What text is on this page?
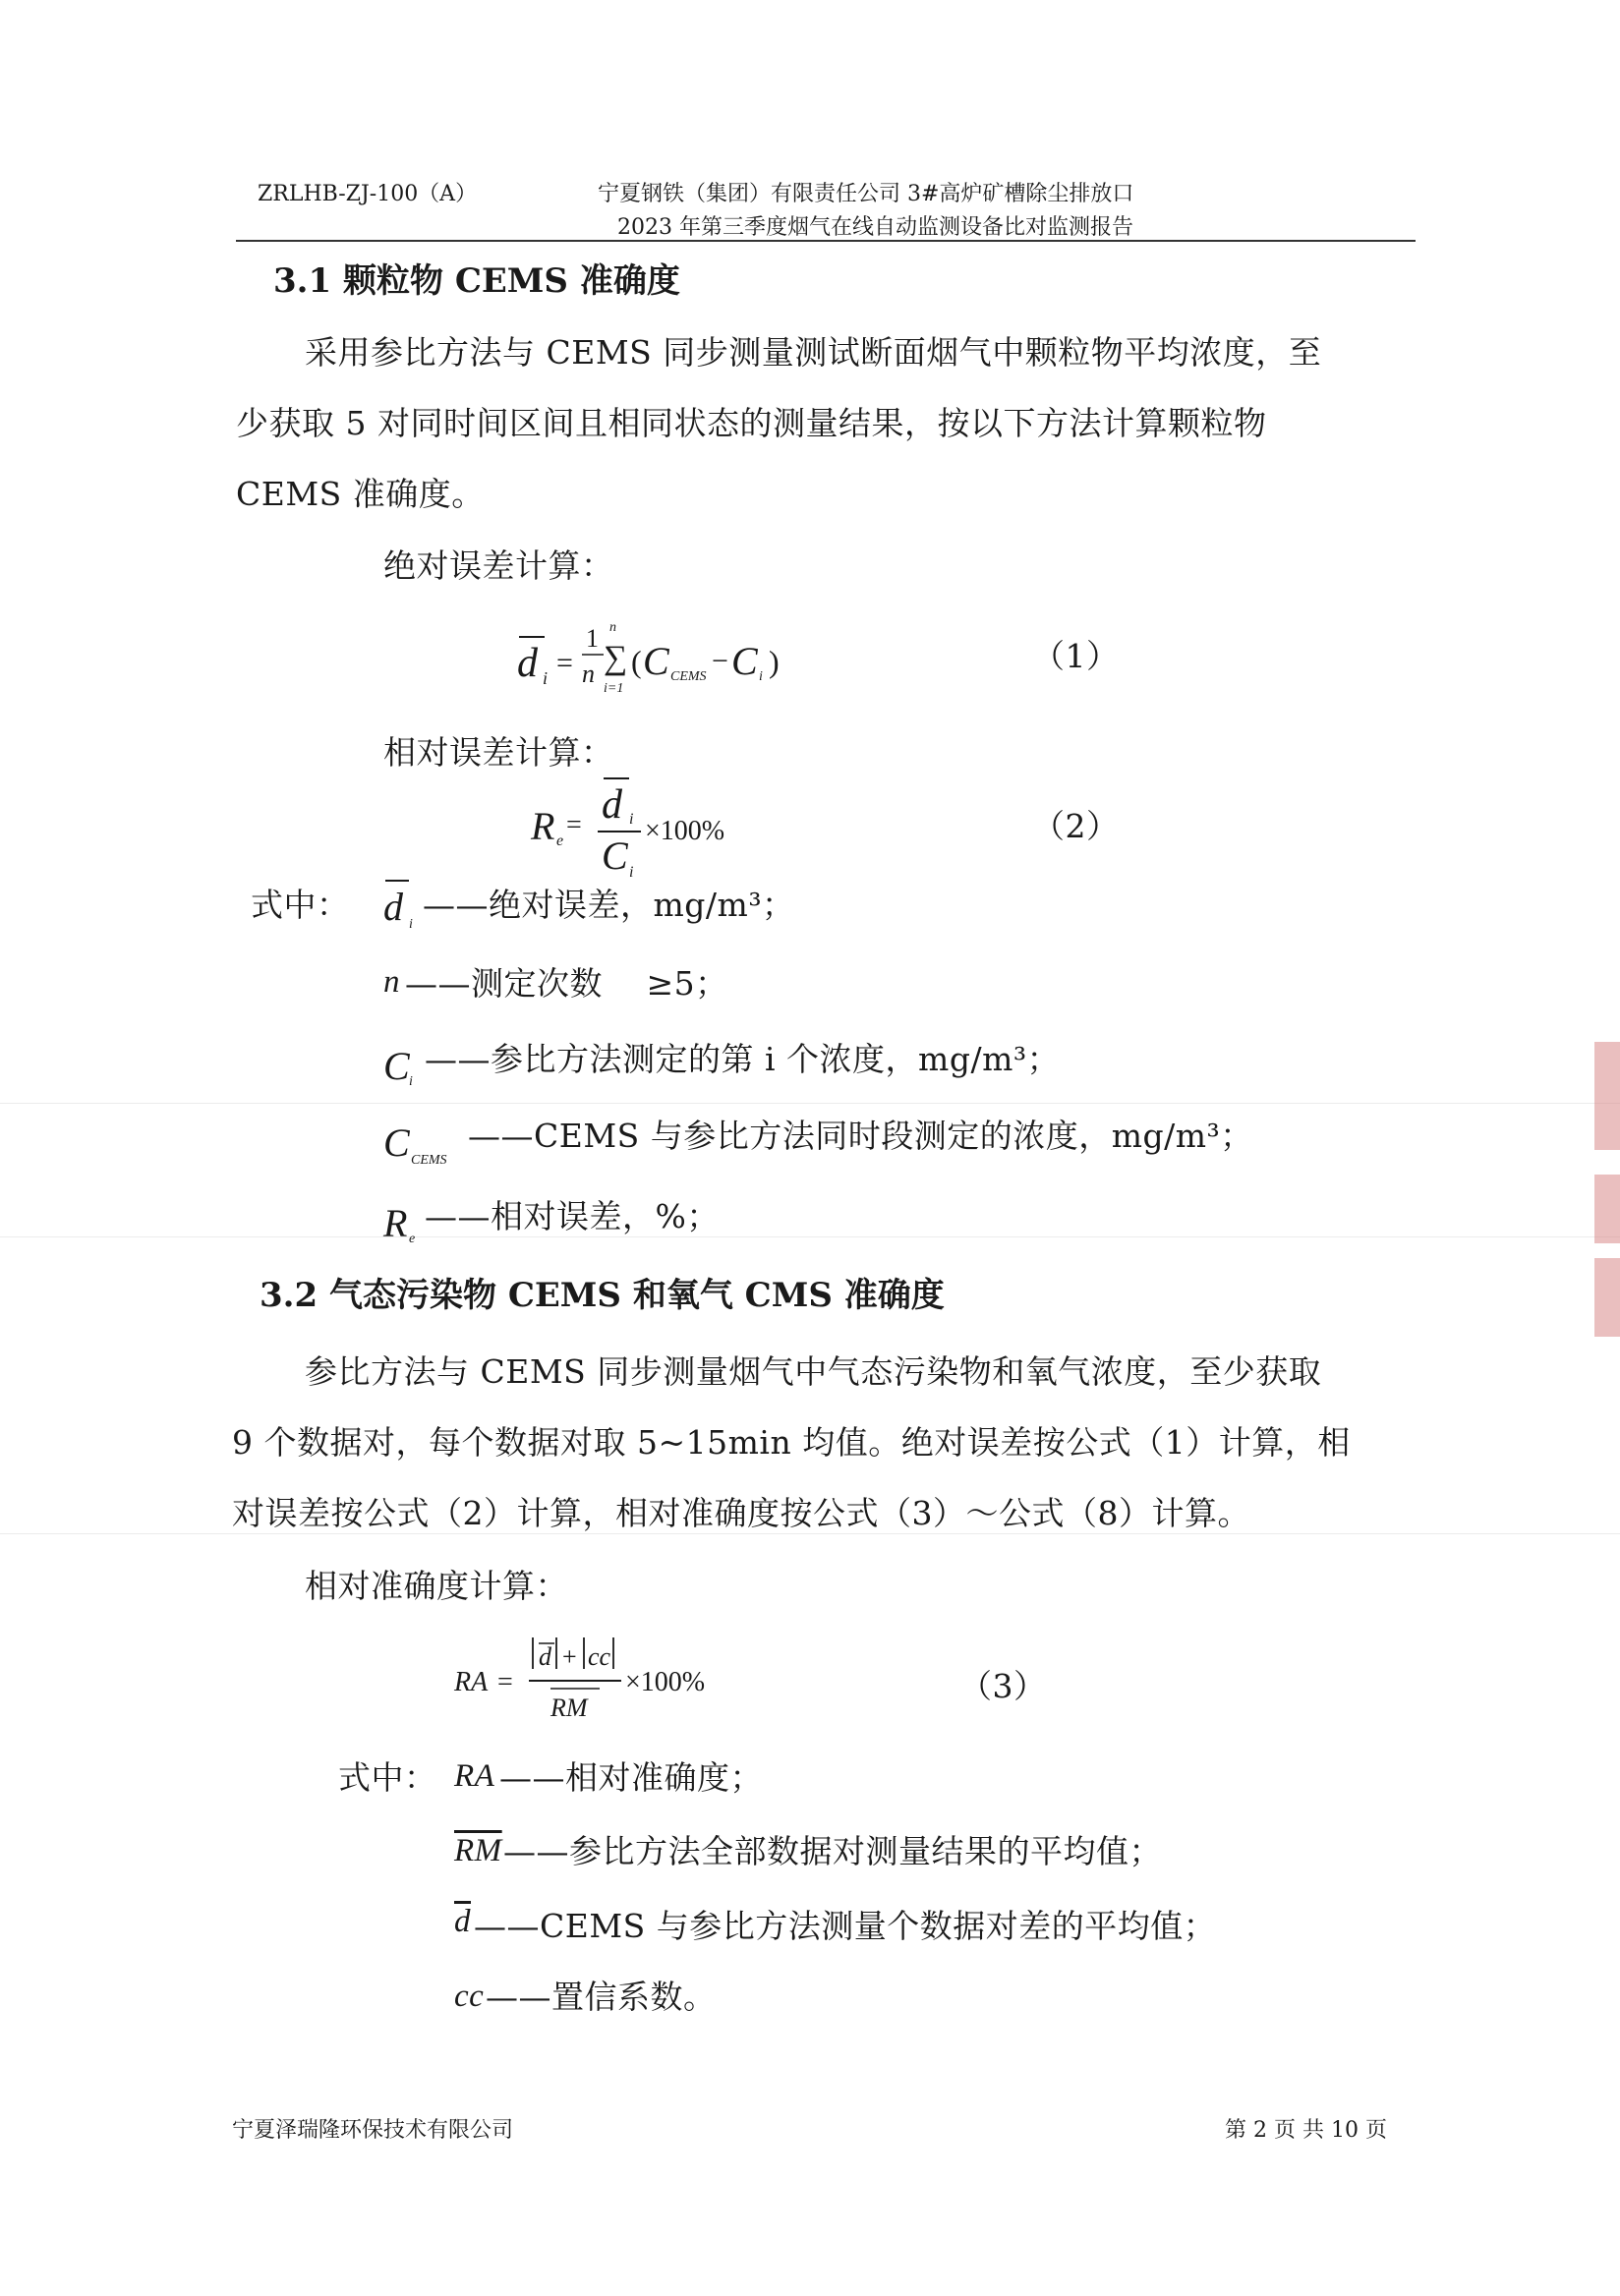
ZRLHB-ZJ-100（A）	宁夏钢铁（集团）有限责任公司 3#高炉矿槽除尘排放口
2023 年第三季度烟气在线自动监测设备比对监测报告
3.1 颗粒物 CEMS 准确度
采用参比方法与 CEMS 同步测量测试断面烟气中颗粒物平均浓度，至
少获取 5 对同时间区间且相同状态的测量结果，按以下方法计算颗粒物
CEMS 准确度。
绝对误差计算：
d i =
1
n
n
∑
i=1
( C CEMS − C i )	（1）
相对误差计算：
R e
= d i
C i
×100%	（2）
式中： d i
——绝对误差，mg/m³；
n ——测定次数　 ≥5；
C i
——参比方法测定的第 i 个浓度，mg/m³；
C CEMS
——CEMS 与参比方法同时段测定的浓度，mg/m³；
R e
——相对误差，%；
3.2 气态污染物 CEMS 和氧气 CMS 准确度
参比方法与 CEMS 同步测量烟气中气态污染物和氧气浓度，至少获取
9 个数据对，每个数据对取 5~15min 均值。绝对误差按公式（1）计算，相
对误差按公式（2）计算，相对准确度按公式（3）～公式（8）计算。
相对准确度计算：
RA =
d + cc
RM
×100%	（3）
式中： RA ——相对准确度；
$\overline{RM}$ ——参比方法全部数据对测量结果的平均值；
$\overline{d}$ ——CEMS 与参比方法测量个数据对差的平均值；
cc ——置信系数。
宁夏泽瑞隆环保技术有限公司	第 2 页 共 10 页
